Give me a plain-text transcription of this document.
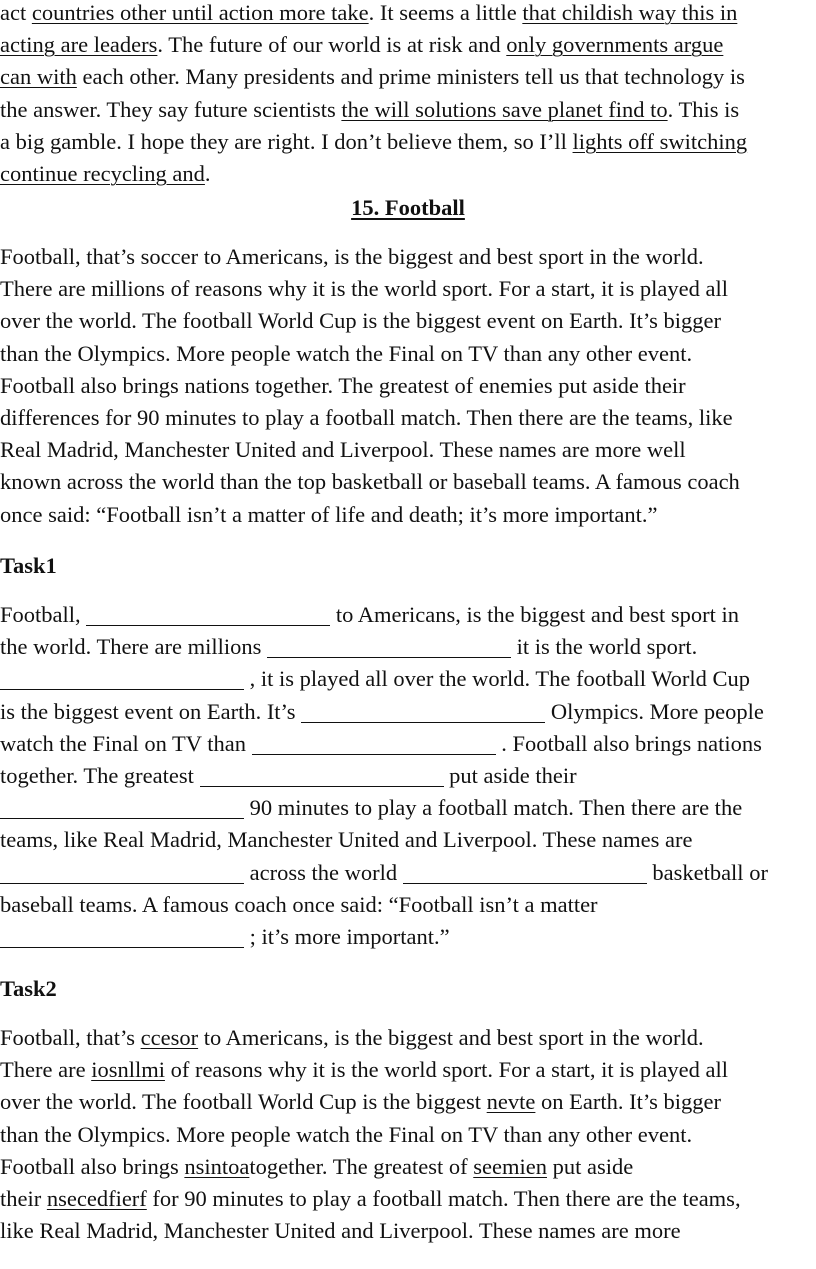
act countries other until action more take. It seems a little that childish way this in
acting are leaders. The future of our world is at risk and only governments argue
can with each other. Many presidents and prime ministers tell us that technology is
the answer. They say future scientists the will solutions save planet find to. This is
a big gamble. I hope they are right. I don’t believe them, so I’ll lights off switching
continue recycling and.
15. Football
Football, that’s soccer to Americans, is the biggest and best sport in the world.
There are millions of reasons why it is the world sport. For a start, it is played all
over the world. The football World Cup is the biggest event on Earth. It’s bigger
than the Olympics. More people watch the Final on TV than any other event.
Football also brings nations together. The greatest of enemies put aside their
differences for 90 minutes to play a football match. Then there are the teams, like
Real Madrid, Manchester United and Liverpool. These names are more well
known across the world than the top basketball or baseball teams. A famous coach
once said: “Football isn’t a matter of life and death; it’s more important.”
Task1
Football,	to Americans, is the biggest and best sport in
the world. There are millions	it is the world sport.
, it is played all over the world. The football World Cup
is the biggest event on Earth. It’s	Olympics. More people
watch the Final on TV than	. Football also brings nations
together. The greatest	put aside their
90 minutes to play a football match. Then there are the
teams, like Real Madrid, Manchester United and Liverpool. These names are
across the world	basketball or
baseball teams. A famous coach once said: “Football isn’t a matter
; it’s more important.”
Task2
Football, that’s ccesor to Americans, is the biggest and best sport in the world.
There are iosnllmi of reasons why it is the world sport. For a start, it is played all
over the world. The football World Cup is the biggest nevte on Earth. It’s bigger
than the Olympics. More people watch the Final on TV than any other event.
Football also brings nsintoatogether. The greatest of seemien put aside
their nsecedfierf for 90 minutes to play a football match. Then there are the teams,
like Real Madrid, Manchester United and Liverpool. These names are more
